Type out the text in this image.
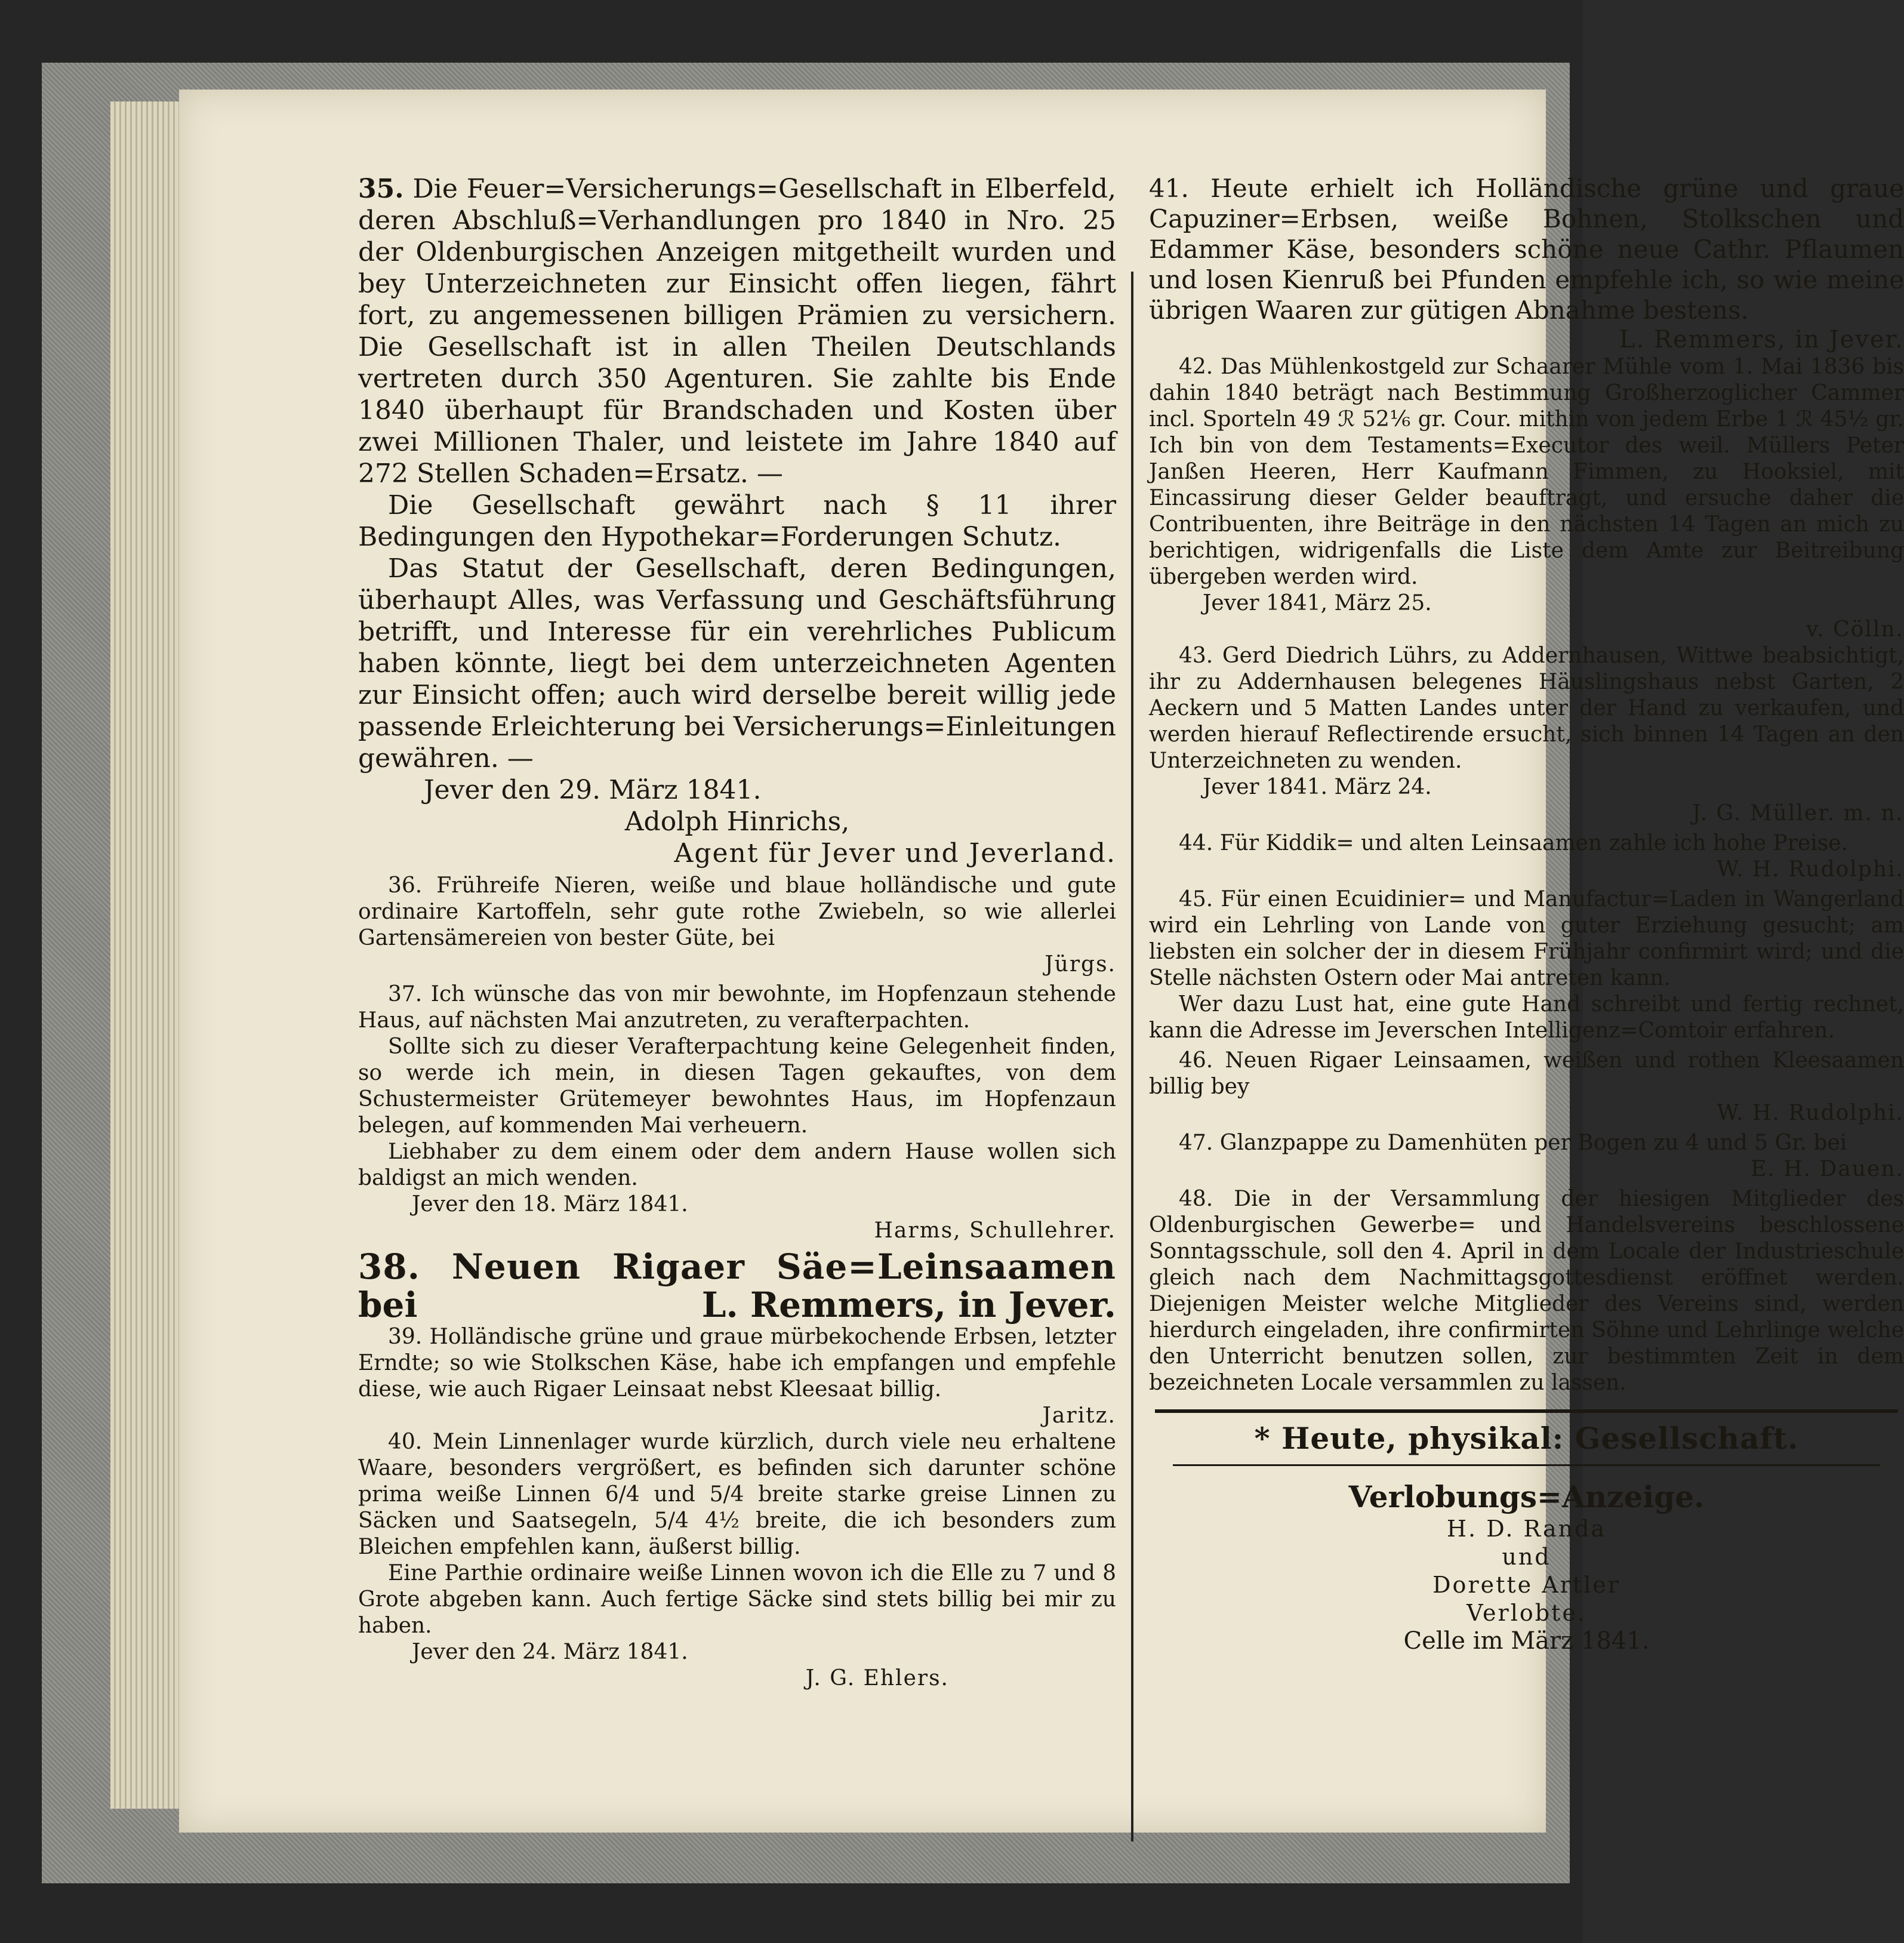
35. Die Feuer=Versicherungs=Gesellschaft in Elberfeld, deren Abschluß=Verhandlungen pro 1840 in Nro. 25 der Oldenburgischen Anzeigen mitgetheilt wurden und bey Unterzeichneten zur Einsicht offen liegen, fährt fort, zu angemessenen billigen Prämien zu versichern. Die Gesellschaft ist in allen Theilen Deutschlands vertreten durch 350 Agenturen. Sie zahlte bis Ende 1840 überhaupt für Brandschaden und Kosten über zwei Millionen Thaler, und leistete im Jahre 1840 auf 272 Stellen Schaden=Ersatz. —

Die Gesellschaft gewährt nach § 11 ihrer Bedingungen den Hypothekar=Forderungen Schutz.

Das Statut der Gesellschaft, deren Bedingungen, überhaupt Alles, was Verfassung und Geschäftsführung betrifft, und Interesse für ein verehrliches Publicum haben könnte, liegt bei dem unterzeichneten Agenten zur Einsicht offen; auch wird derselbe bereit willig jede passende Erleichterung bei Versicherungs=Einleitungen gewähren. —

Jever den 29. März 1841.

Adolph Hinrichs,

Agent für Jever und Jeverland.

36. Frühreife Nieren, weiße und blaue holländische und gute ordinaire Kartoffeln, sehr gute rothe Zwiebeln, so wie allerlei Gartensämereien von bester Güte, bei

Jürgs.

37. Ich wünsche das von mir bewohnte, im Hopfenzaun stehende Haus, auf nächsten Mai anzutreten, zu verafterpachten.

Sollte sich zu dieser Verafterpachtung keine Gelegenheit finden, so werde ich mein, in diesen Tagen gekauftes, von dem Schustermeister Grütemeyer bewohntes Haus, im Hopfenzaun belegen, auf kommenden Mai verheuern.

Liebhaber zu dem einem oder dem andern Hause wollen sich baldigst an mich wenden.

Jever den 18. März 1841.

Harms, Schullehrer.

38. Neuen Rigaer Säe=Leinsaamen

bei	L. Remmers, in Jever.

39. Holländische grüne und graue mürbekochende Erbsen, letzter Erndte; so wie Stolkschen Käse, habe ich empfangen und empfehle diese, wie auch Rigaer Leinsaat nebst Kleesaat billig.

Jaritz.

40. Mein Linnenlager wurde kürzlich, durch viele neu erhaltene Waare, besonders vergrößert, es befinden sich darunter schöne prima weiße Linnen 6/4 und 5/4 breite starke greise Linnen zu Säcken und Saatsegeln, 5/4 4½ breite, die ich besonders zum Bleichen empfehlen kann, äußerst billig.

Eine Parthie ordinaire weiße Linnen wovon ich die Elle zu 7 und 8 Grote abgeben kann. Auch fertige Säcke sind stets billig bei mir zu haben.

Jever den 24. März 1841.

J. G. Ehlers.

41. Heute erhielt ich Holländische grüne und graue Capuziner=Erbsen, weiße Bohnen, Stolkschen und Edammer Käse, besonders schöne neue Cathr. Pflaumen und losen Kienruß bei Pfunden empfehle ich, so wie meine übrigen Waaren zur gütigen Abnahme bestens.

L. Remmers, in Jever.

42. Das Mühlenkostgeld zur Schaarer Mühle vom 1. Mai 1836 bis dahin 1840 beträgt nach Bestimmung Großherzoglicher Cammer incl. Sporteln 49 ℛ 52⅙ gr. Cour. mithin von jedem Erbe 1 ℛ 45½ gr. Ich bin von dem Testaments=Executor des weil. Müllers Peter Janßen Heeren, Herr Kaufmann Fimmen, zu Hooksiel, mit Eincassirung dieser Gelder beauftragt, und ersuche daher die Contribuenten, ihre Beiträge in den nächsten 14 Tagen an mich zu berichtigen, widrigenfalls die Liste dem Amte zur Beitreibung übergeben werden wird.

Jever 1841, März 25.

v. Cölln.

43. Gerd Diedrich Lührs, zu Addernhausen, Wittwe beabsichtigt, ihr zu Addernhausen belegenes Häuslingshaus nebst Garten, 2 Aeckern und 5 Matten Landes unter der Hand zu verkaufen, und werden hierauf Reflectirende ersucht, sich binnen 14 Tagen an den Unterzeichneten zu wenden.

Jever 1841. März 24.

J. G. Müller. m. n.

44. Für Kiddik= und alten Leinsaamen zahle ich hohe Preise.

W. H. Rudolphi.

45. Für einen Ecuidinier= und Manufactur=Laden in Wangerland wird ein Lehrling von Lande von guter Erziehung gesucht; am liebsten ein solcher der in diesem Frühjahr confirmirt wird; und die Stelle nächsten Ostern oder Mai antreten kann.

Wer dazu Lust hat, eine gute Hand schreibt und fertig rechnet, kann die Adresse im Jeverschen Intelligenz=Comtoir erfahren.

46. Neuen Rigaer Leinsaamen, weißen und rothen Kleesaamen billig bey

W. H. Rudolphi.

47. Glanzpappe zu Damenhüten per Bogen zu 4 und 5 Gr. bei

E. H. Dauen.

48. Die in der Versammlung der hiesigen Mitglieder des Oldenburgischen Gewerbe= und Handelsvereins beschlossene Sonntagsschule, soll den 4. April in dem Locale der Industrieschule gleich nach dem Nachmittagsgottesdienst eröffnet werden. Diejenigen Meister welche Mitglieder des Vereins sind, werden hierdurch eingeladen, ihre confirmirten Söhne und Lehrlinge welche den Unterricht benutzen sollen, zur bestimmten Zeit in dem bezeichneten Locale versammlen zu lassen.

* Heute, physikal: Gesellschaft.

Verlobungs=Anzeige.

H. D. Randa

und

Dorette Artler

Verlobte.

Celle im März 1841.
